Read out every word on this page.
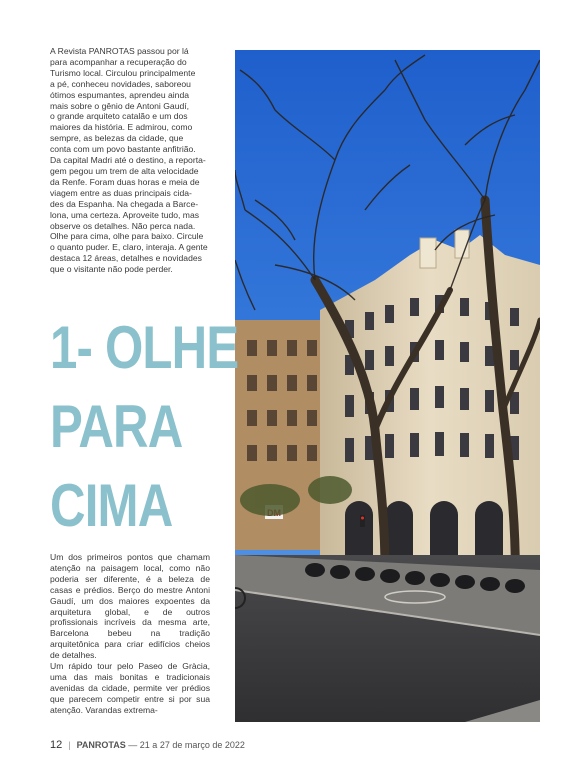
A Revista PANROTAS passou por lá
para acompanhar a recuperação do
Turismo local. Circulou principalmente
a pé, conheceu novidades, saboreou
ótimos espumantes, aprendeu ainda
mais sobre o gênio de Antoni Gaudí,
o grande arquiteto catalão e um dos
maiores da história. E admirou, como
sempre, as belezas da cidade, que
conta com um povo bastante anfitrião.
Da capital Madri até o destino, a reporta-
gem pegou um trem de alta velocidade
da Renfe. Foram duas horas e meia de
viagem entre as duas principais cida-
des da Espanha. Na chegada a Barce-
lona, uma certeza. Aproveite tudo, mas
observe os detalhes. Não perca nada.
Olhe para cima, olhe para baixo. Circule
o quanto puder. E, claro, interaja. A gente
destaca 12 áreas, detalhes e novidades
que o visitante não pode perder.
1- OLHE
PARA
CIMA

Um dos primeiros pontos que chamam atenção na paisagem local, como não poderia ser diferente, é a beleza de casas e prédios. Berço do mestre Antoni Gaudí, um dos maiores expoentes da arquitetura global, e de outros profissionais incríveis da mesma arte, Barcelona bebeu na tradição arquitetônica para criar edifícios cheios de detalhes.

Um rápido tour pelo Paseo de Gràcia, uma das mais bonitas e tradicionais avenidas da cidade, permite ver prédios que parecem competir entre si por sua atenção. Varandas extrema-

12 | PANROTAS — 21 a 27 de março de 2022
